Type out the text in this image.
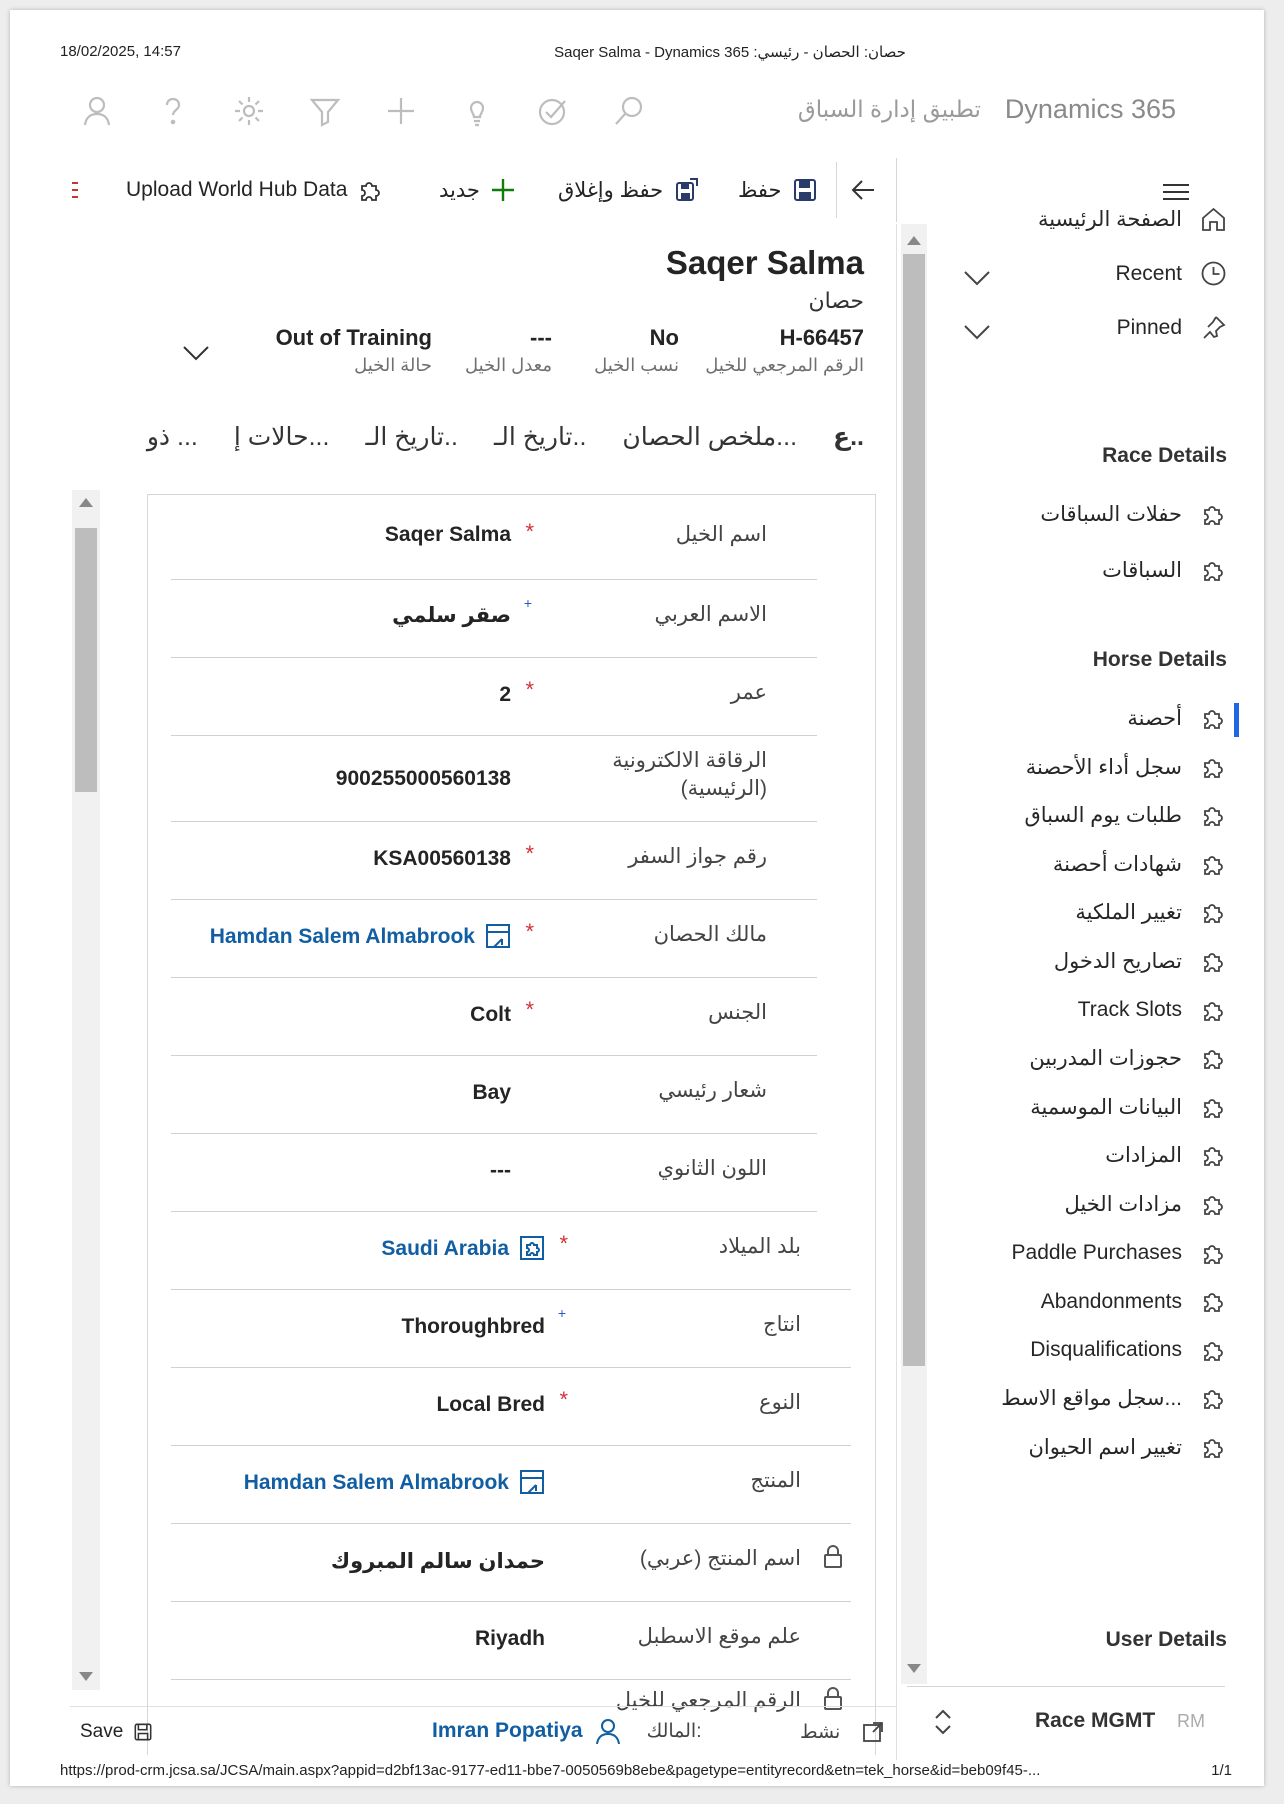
18/02/2025, 14:57	Saqer Salma - Dynamics 365 :حصان: الحصان - رئيسي
تطبيق إدارة السباق Dynamics 365
حفظ
حفظ وإغلاق
جديد
Upload World Hub Data
Saqer Salma
حصان
H-66457
الرقم المرجعي للخيل
No
نسب الخيل
---
معدل الخيل
Out of Training
حالة الخيل
ع..
ملخص الحصان...
تاريخ الـ..
تاريخ الـ..
حالات إ...
ذو ...
اسم الخيل
*
Saqer Salma
الاسم العربي
+
صقر سلمي
عمر
*
2
الرقاقة الالكترونية (الرئيسية)
900255000560138
رقم جواز السفر
*
KSA00560138
مالك الحصان
*
Hamdan Salem Almabrook
الجنس
*
Colt
شعار رئيسي
Bay
اللون الثانوي
---
بلد الميلاد
*
Saudi Arabia
انتاج
+
Thoroughbred
النوع
*
Local Bred
المنتج
Hamdan Salem Almabrook
اسم المنتج (عربي)
حمدان سالم المبروك
علم موقع الاسطبل
Riyadh
الرقم المرجعي للخيل
Save	Imran Popatiya	المالك:	نشط
الصفحة الرئيسية
Recent
Pinned
Race Details
حفلات السباقات
السباقات
Horse Details
User Details
أحصنة
سجل أداء الأحصنة
طلبات يوم السباق
شهادات أحصنة
تغيير الملكية
تصاريح الدخول
Track Slots
حجوزات المدربين
البيانات الموسمية
المزادات
مزادات الخيل
Paddle Purchases
Abandonments
Disqualifications
سجل مواقع الاسط...
تغيير اسم الحيوان
Race MGMT RM
https://prod-crm.jcsa.sa/JCSA/main.aspx?appid=d2bf13ac-9177-ed11-bbe7-0050569b8ebe&pagetype=entityrecord&etn=tek_horse&id=beb09f45-...	1/1
